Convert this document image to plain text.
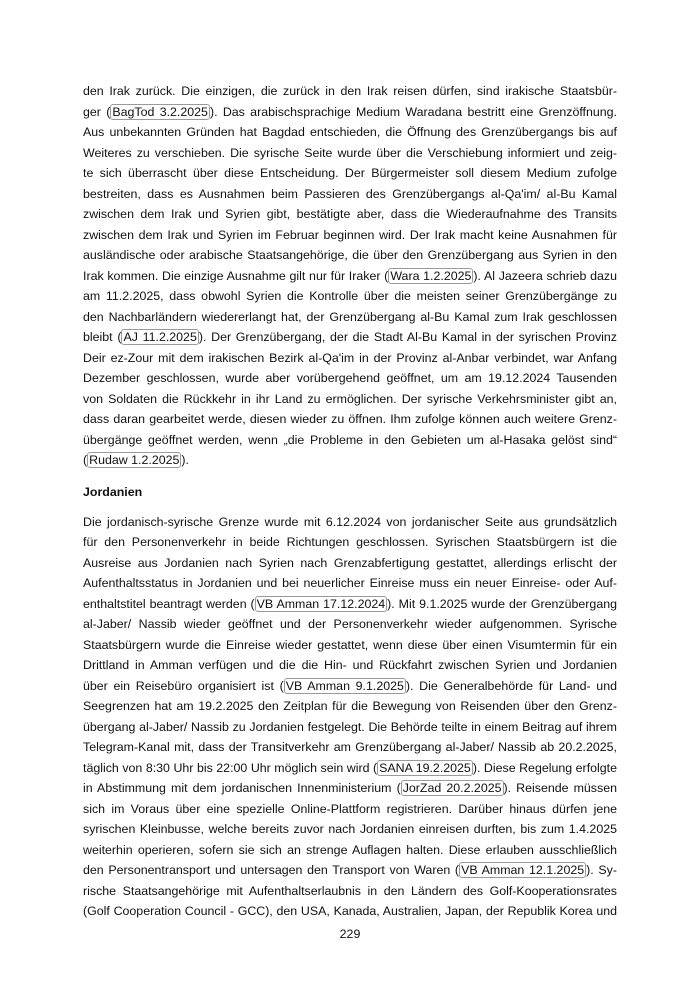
den Irak zurück. Die einzigen, die zurück in den Irak reisen dürfen, sind irakische Staatsbür-
ger ( BagTod 3.2.2025 ). Das arabischsprachige Medium Waradana bestritt eine Grenzöffnung.
Aus unbekannten Gründen hat Bagdad entschieden, die Öffnung des Grenzübergangs bis auf
Weiteres zu verschieben. Die syrische Seite wurde über die Verschiebung informiert und zeig-
te sich überrascht über diese Entscheidung. Der Bürgermeister soll diesem Medium zufolge
bestreiten, dass es Ausnahmen beim Passieren des Grenzübergangs al-Qa'im/ al-Bu Kamal
zwischen dem Irak und Syrien gibt, bestätigte aber, dass die Wiederaufnahme des Transits
zwischen dem Irak und Syrien im Februar beginnen wird. Der Irak macht keine Ausnahmen für
ausländische oder arabische Staatsangehörige, die über den Grenzübergang aus Syrien in den
Irak kommen. Die einzige Ausnahme gilt nur für Iraker ( Wara 1.2.2025 ). Al Jazeera schrieb dazu
am 11.2.2025, dass obwohl Syrien die Kontrolle über die meisten seiner Grenzübergänge zu
den Nachbarländern wiedererlangt hat, der Grenzübergang al-Bu Kamal zum Irak geschlossen
bleibt ( AJ 11.2.2025 ). Der Grenzübergang, der die Stadt Al-Bu Kamal in der syrischen Provinz
Deir ez-Zour mit dem irakischen Bezirk al-Qa'im in der Provinz al-Anbar verbindet, war Anfang
Dezember geschlossen, wurde aber vorübergehend geöffnet, um am 19.12.2024 Tausenden
von Soldaten die Rückkehr in ihr Land zu ermöglichen. Der syrische Verkehrsminister gibt an,
dass daran gearbeitet werde, diesen wieder zu öffnen. Ihm zufolge können auch weitere Grenz-
übergänge geöffnet werden, wenn „die Probleme in den Gebieten um al-Hasaka gelöst sind“
( Rudaw 1.2.2025 ).

Jordanien

Die jordanisch-syrische Grenze wurde mit 6.12.2024 von jordanischer Seite aus grundsätzlich
für den Personenverkehr in beide Richtungen geschlossen. Syrischen Staatsbürgern ist die
Ausreise aus Jordanien nach Syrien nach Grenzabfertigung gestattet, allerdings erlischt der
Aufenthaltsstatus in Jordanien und bei neuerlicher Einreise muss ein neuer Einreise- oder Auf-
enthaltstitel beantragt werden ( VB Amman 17.12.2024 ). Mit 9.1.2025 wurde der Grenzübergang
al-Jaber/ Nassib wieder geöffnet und der Personenverkehr wieder aufgenommen. Syrische
Staatsbürgern wurde die Einreise wieder gestattet, wenn diese über einen Visumtermin für ein
Drittland in Amman verfügen und die die Hin- und Rückfahrt zwischen Syrien und Jordanien
über ein Reisebüro organisiert ist ( VB Amman 9.1.2025 ). Die Generalbehörde für Land- und
Seegrenzen hat am 19.2.2025 den Zeitplan für die Bewegung von Reisenden über den Grenz-
übergang al-Jaber/ Nassib zu Jordanien festgelegt. Die Behörde teilte in einem Beitrag auf ihrem
Telegram-Kanal mit, dass der Transitverkehr am Grenzübergang al-Jaber/ Nassib ab 20.2.2025,
täglich von 8:30 Uhr bis 22:00 Uhr möglich sein wird ( SANA 19.2.2025 ). Diese Regelung erfolgte
in Abstimmung mit dem jordanischen Innenministerium ( JorZad 20.2.2025 ). Reisende müssen
sich im Voraus über eine spezielle Online-Plattform registrieren. Darüber hinaus dürfen jene
syrischen Kleinbusse, welche bereits zuvor nach Jordanien einreisen durften, bis zum 1.4.2025
weiterhin operieren, sofern sie sich an strenge Auflagen halten. Diese erlauben ausschließlich
den Personentransport und untersagen den Transport von Waren ( VB Amman 12.1.2025 ). Sy-
rische Staatsangehörige mit Aufenthaltserlaubnis in den Ländern des Golf-Kooperationsrates
(Golf Cooperation Council - GCC), den USA, Kanada, Australien, Japan, der Republik Korea und

229
